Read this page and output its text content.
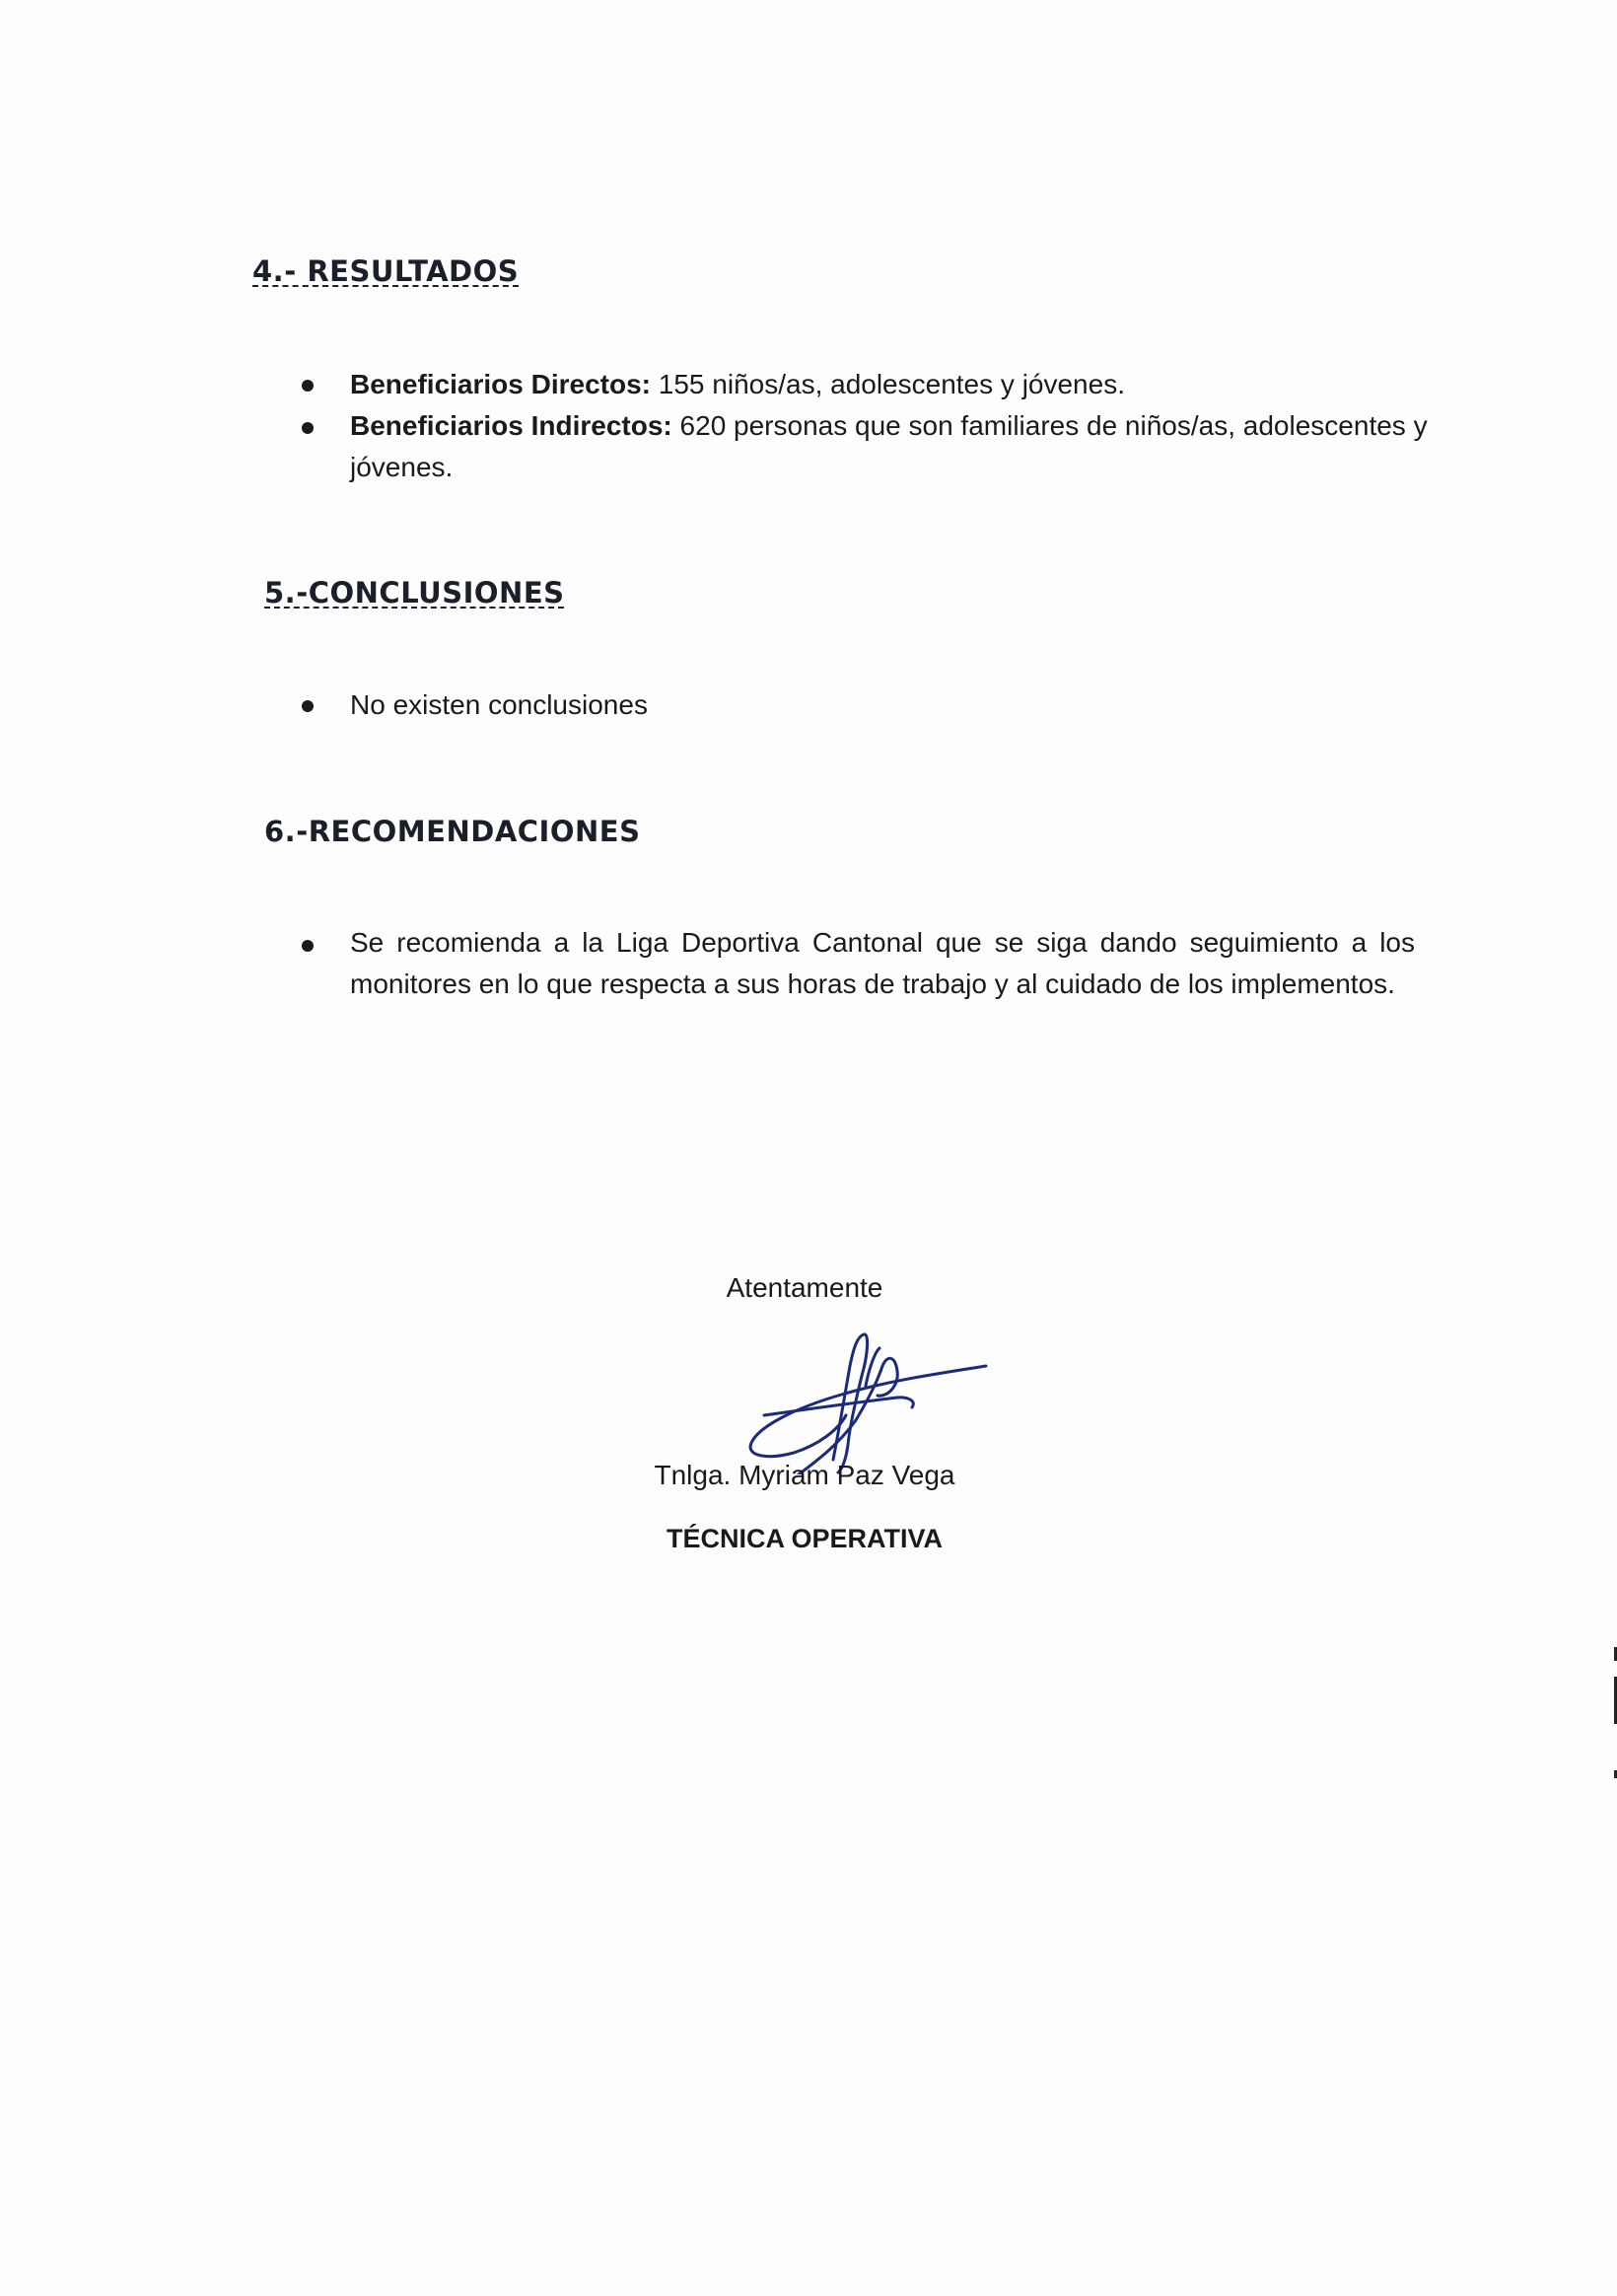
4.- RESULTADOS
Beneficiarios Directos: 155 niños/as, adolescentes y jóvenes.
Beneficiarios Indirectos: 620 personas que son familiares de niños/as, adolescentes y
jóvenes.
5.-CONCLUSIONES
No existen conclusiones
6.-RECOMENDACIONES
Se recomienda a la Liga Deportiva Cantonal que se siga dando seguimiento a los
monitores en lo que respecta a sus horas de trabajo y al cuidado de los implementos.
Atentamente
Tnlga. Myriam Paz Vega
TÉCNICA OPERATIVA
